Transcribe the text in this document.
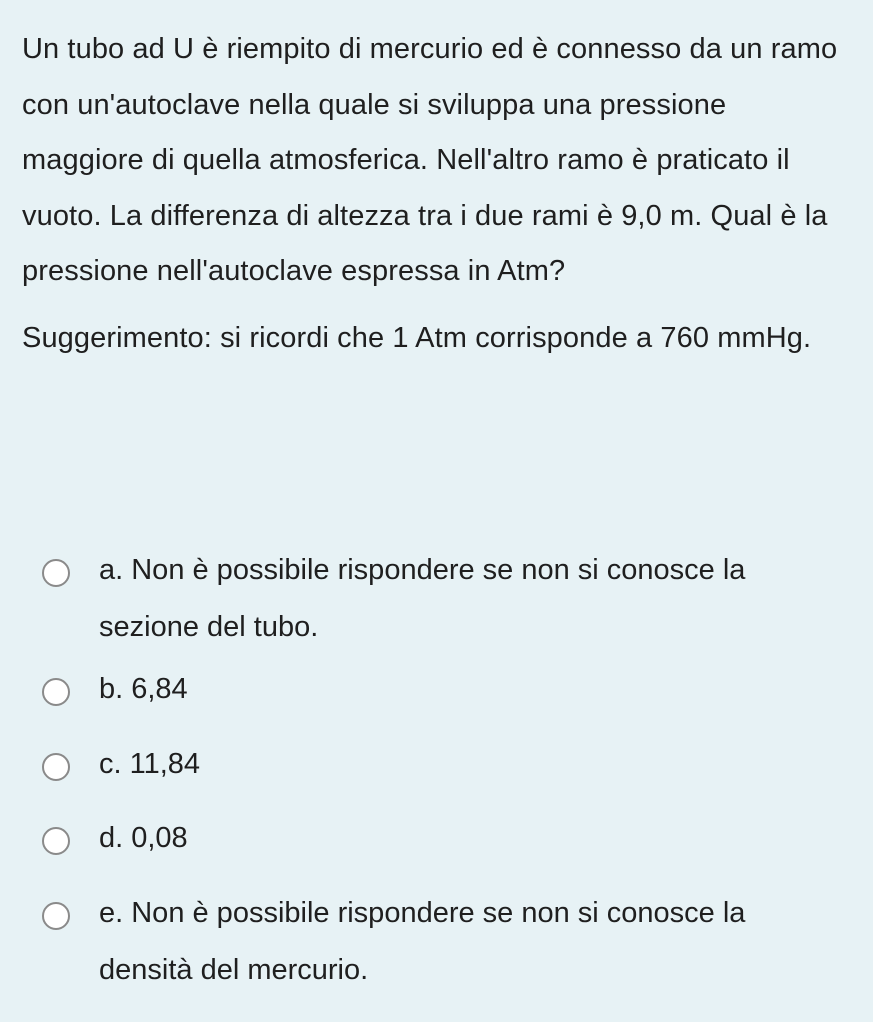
Un tubo ad U è riempito di mercurio ed è connesso da un ramo con un'autoclave nella quale si sviluppa una pressione maggiore di quella atmosferica. Nell'altro ramo è praticato il vuoto. La differenza di altezza tra i due rami è 9,0 m. Qual è la pressione nell'autoclave espressa in Atm?

Suggerimento: si ricordi che 1 Atm corrisponde a 760 mmHg.

a. Non è possibile rispondere se non si conosce la sezione del tubo.
b. 6,84
c. 11,84
d. 0,08
e. Non è possibile rispondere se non si conosce la densità del mercurio.
